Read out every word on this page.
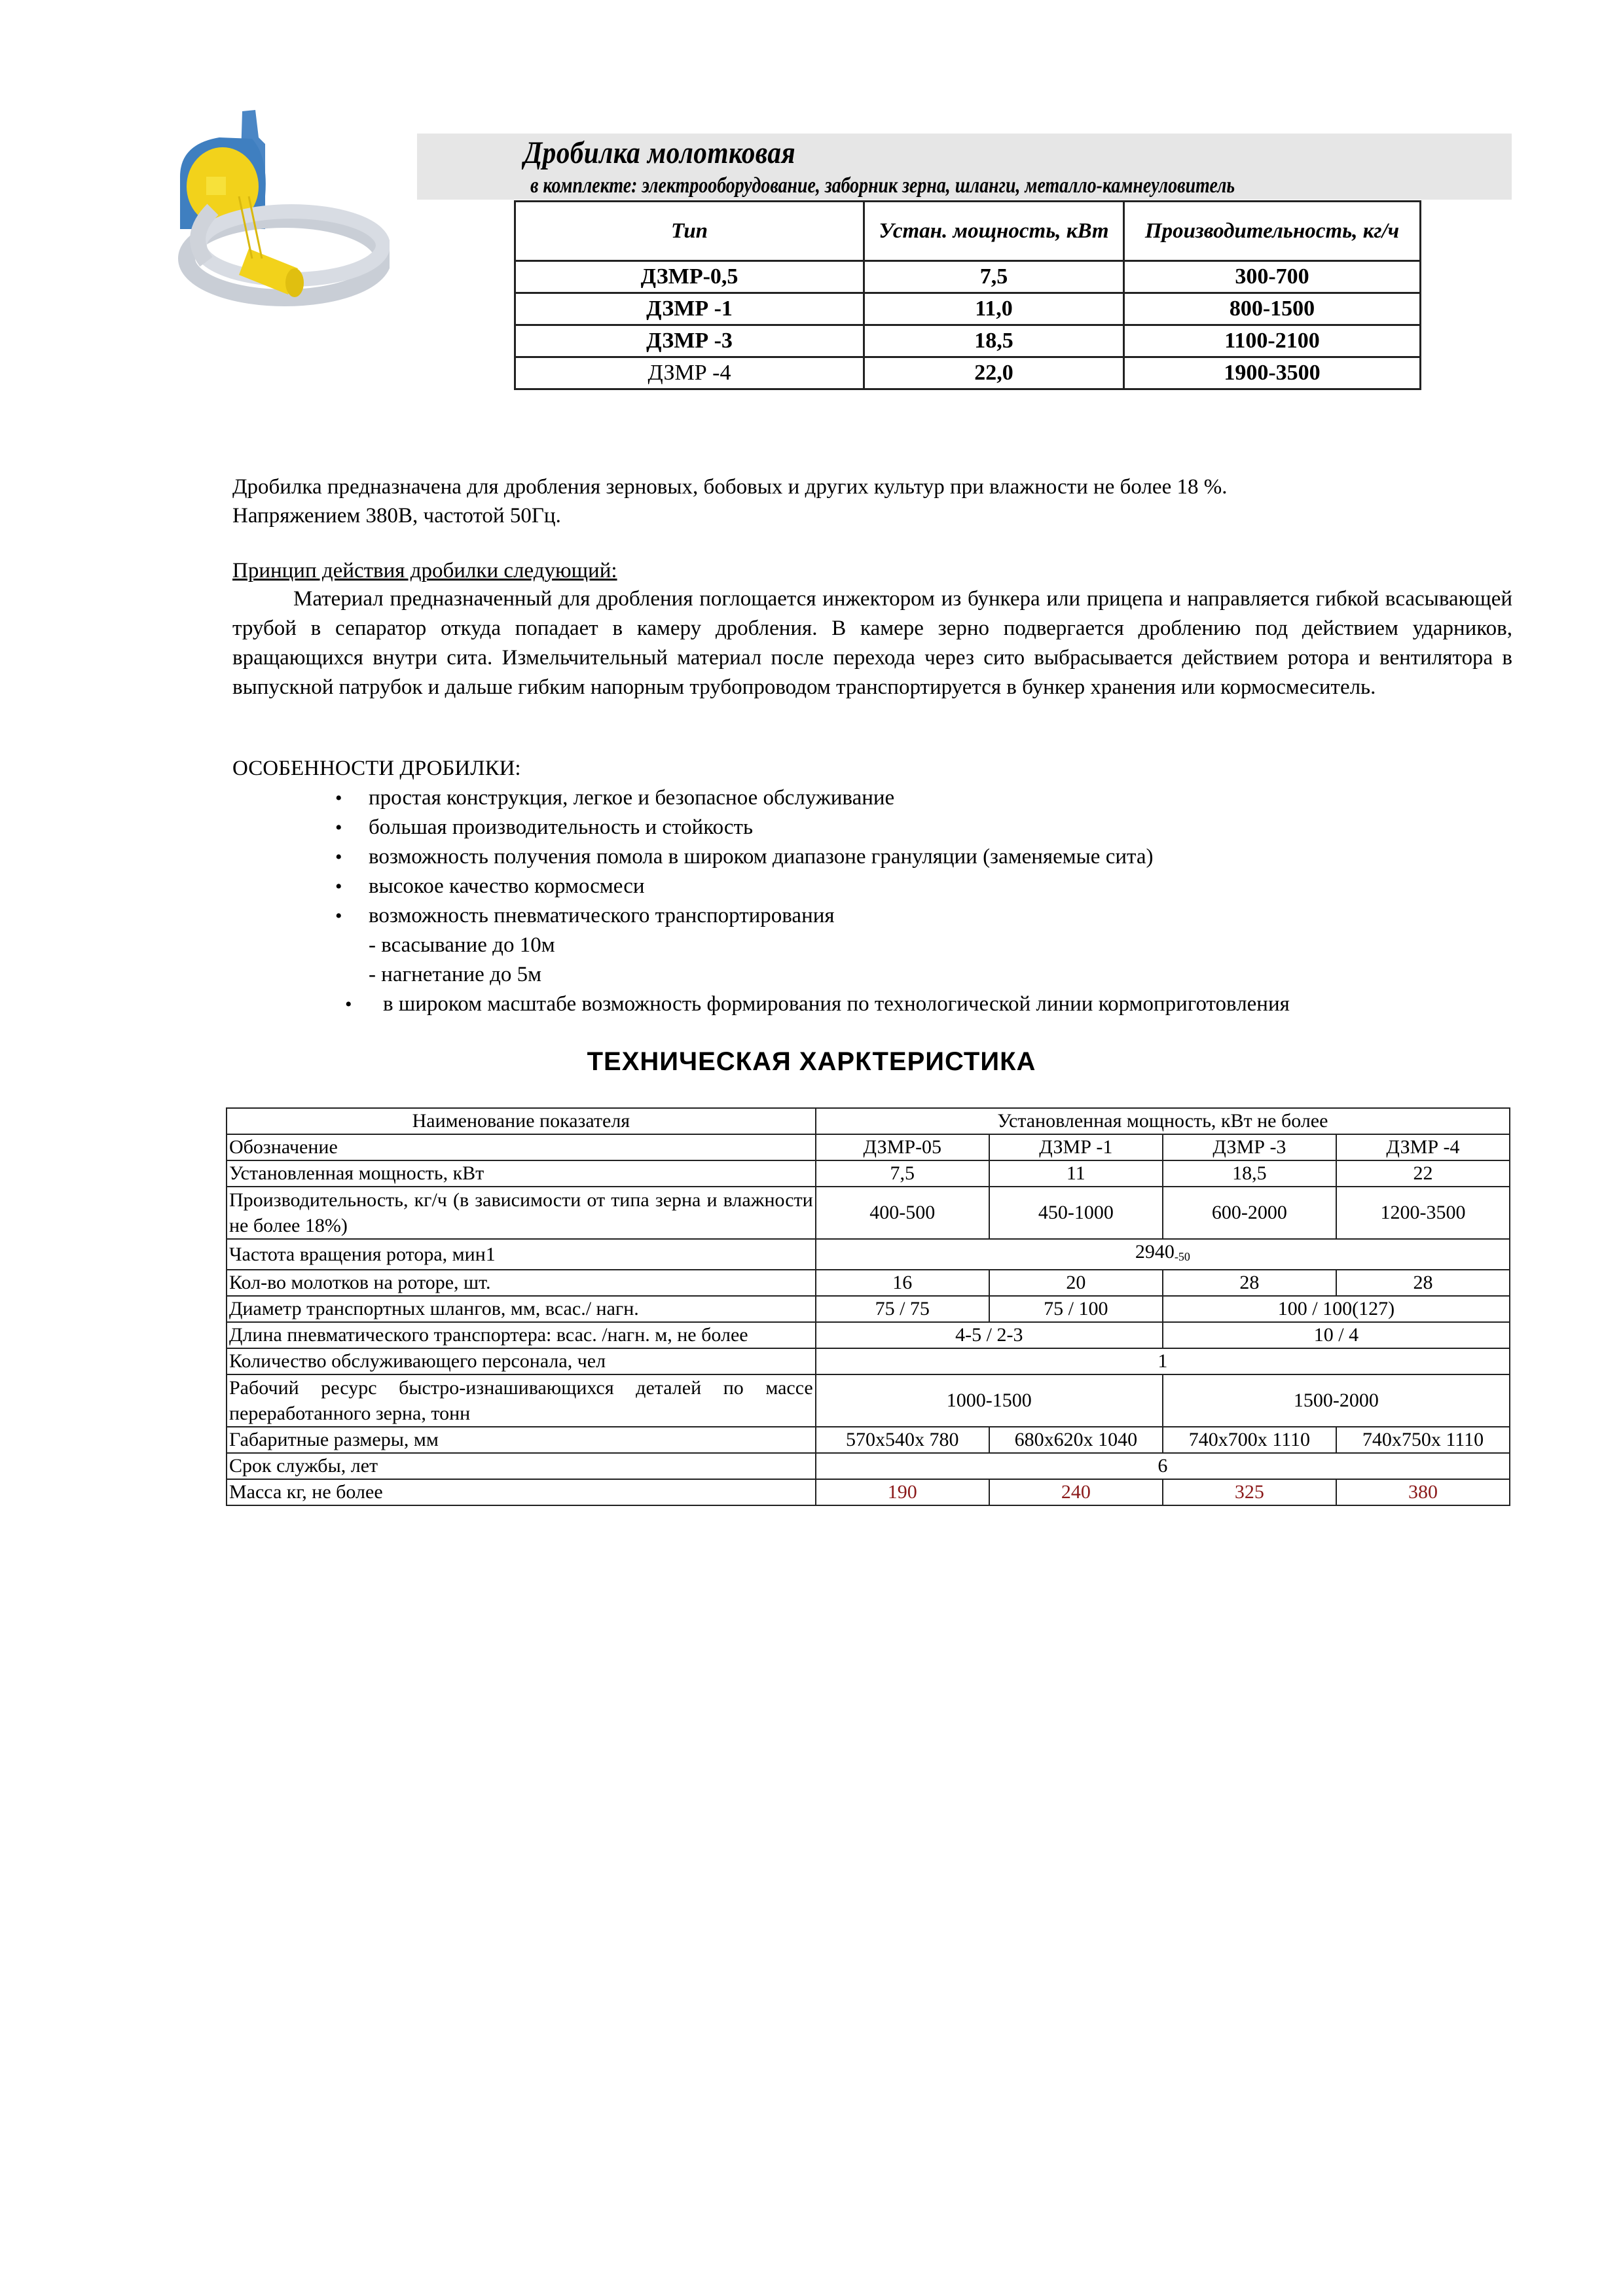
Дробилка молотковая
в комплекте: электрооборудование, заборник зерна, шланги, металло-камнеуловитель
Тип	Устан. мощность, кВт	Производительность, кг/ч
ДЗМР-0,5	7,5	300-700
ДЗМР -1	11,0	800-1500
ДЗМР -3	18,5	1100-2100
ДЗМР -4	22,0	1900-3500
Дробилка предназначена для дробления зерновых, бобовых и других культур при влажности не более 18 %.
Напряжением 380В, частотой 50Гц.
Принцип действия дробилки следующий:
Материал предназначенный для дробления поглощается инжектором из бункера или прицепа и направляется гибкой всасывающей трубой в сепаратор откуда попадает в камеру дробления. В камере зерно подвергается дроблению под действием ударников, вращающихся внутри сита. Измельчительный материал после перехода через сито выбрасывается действием ротора и вентилятора в выпускной патрубок и дальше гибким напорным трубопроводом транспортируется в бункер хранения или кормосмеситель.
ОСОБЕННОСТИ ДРОБИЛКИ:
• простая конструкция, легкое и безопасное обслуживание
• большая производительность и стойкость
• возможность получения помола в широком диапазоне грануляции (заменяемые сита)
• высокое качество кормосмеси
• возможность пневматического транспортирования
- всасывание до 10м
- нагнетание до 5м
• в широком масштабе возможность формирования по технологической линии кормоприготовления
ТЕХНИЧЕСКАЯ ХАРКТЕРИСТИКА
Наименование показателя	Установленная мощность, кВт не более			
Обозначение	ДЗМР-05	ДЗМР -1	ДЗМР -3	ДЗМР -4
Установленная мощность, кВт	7,5	11	18,5	22
Производительность, кг/ч (в зависимости от типа зерна и влажности не более 18%)	400-500	450-1000	600-2000	1200-3500
Частота вращения ротора, мин1	$2940_{-50}$
Кол-во молотков на роторе, шт.	16	20	28	28
Диаметр транспортных шлангов, мм, всас./ нагн.	75 / 75	75 / 100	100 / 100(127)	
Длина пневматического транспортера: всас. /нагн. м, не более	4-5 / 2-3		10 / 4	
Количество обслуживающего персонала, чел	1			
Рабочий ресурс быстро-изнашивающихся деталей по массе переработанного зерна, тонн	1000-1500		1500-2000	
Габаритные размеры, мм	570x540x 780	680x620x 1040	740x700x 1110	740x750x 1110
Срок службы, лет	6			
Масса кг, не более	190	240	325	380
